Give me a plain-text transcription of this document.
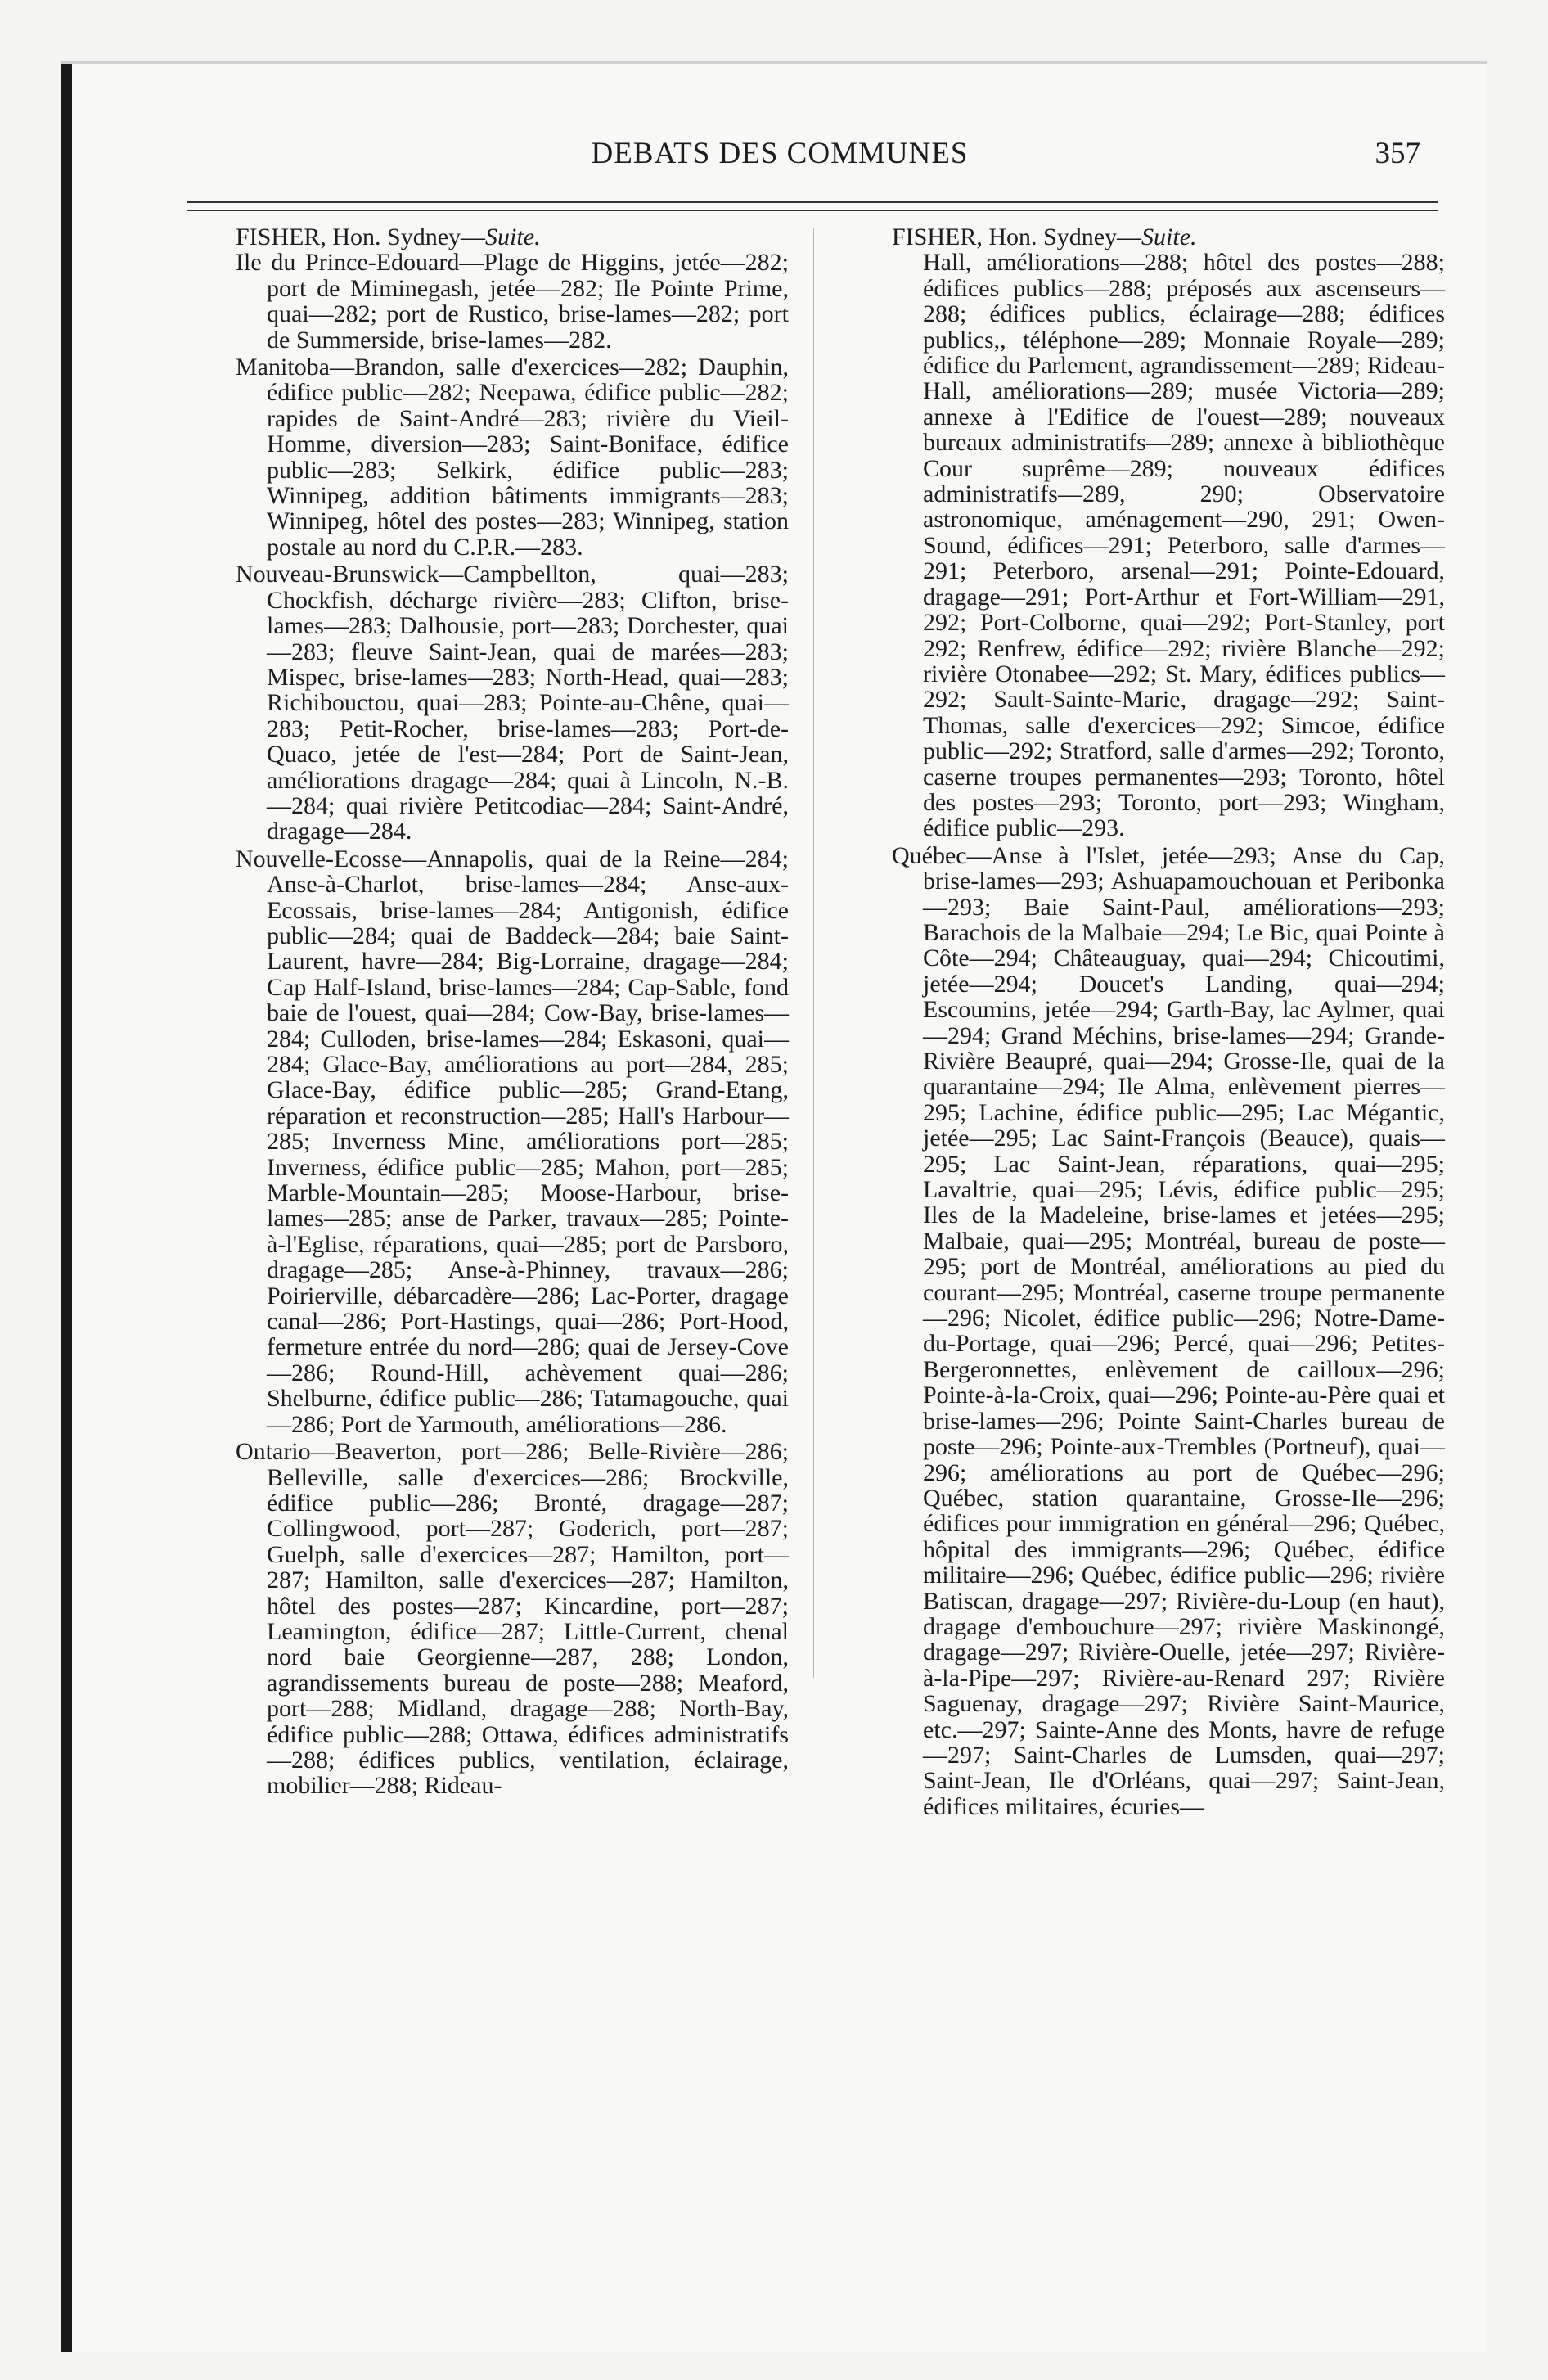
DEBATS DES COMMUNES	357

FISHER, Hon. Sydney—Suite.

Ile du Prince-Edouard—Plage de Higgins, jetée—282; port de Miminegash, jetée—282; Ile Pointe Prime, quai—282; port de Rustico, brise-lames—282; port de Summerside, brise-lames—282.

Manitoba—Brandon, salle d'exercices—282; Dauphin, édifice public—282; Neepawa, édifice public—282; rapides de Saint-André—283; rivière du Vieil-Homme, diversion—283; Saint-Boniface, édifice public—283; Selkirk, édifice public—283; Winnipeg, addition bâtiments immigrants—283; Winnipeg, hôtel des postes—283; Winnipeg, station postale au nord du C.P.R.—283.

Nouveau-Brunswick—Campbellton, quai—283; Chockfish, décharge rivière—283; Clifton, brise-lames—283; Dalhousie, port—283; Dorchester, quai—283; fleuve Saint-Jean, quai de marées—283; Mispec, brise-lames—283; North-Head, quai—283; Richibouctou, quai—283; Pointe-au-Chêne, quai—283; Petit-Rocher, brise-lames—283; Port-de-Quaco, jetée de l'est—284; Port de Saint-Jean, améliorations dragage—284; quai à Lincoln, N.-B.—284; quai rivière Petitcodiac—284; Saint-André, dragage—284.

Nouvelle-Ecosse—Annapolis, quai de la Reine—284; Anse-à-Charlot, brise-lames—284; Anse-aux-Ecossais, brise-lames—284; Antigonish, édifice public—284; quai de Baddeck—284; baie Saint-Laurent, havre—284; Big-Lorraine, dragage—284; Cap Half-Island, brise-lames—284; Cap-Sable, fond baie de l'ouest, quai—284; Cow-Bay, brise-lames—284; Culloden, brise-lames—284; Eskasoni, quai—284; Glace-Bay, améliorations au port—284, 285; Glace-Bay, édifice public—285; Grand-Etang, réparation et reconstruction—285; Hall's Harbour—285; Inverness Mine, améliorations port—285; Inverness, édifice public—285; Mahon, port—285; Marble-Mountain—285; Moose-Harbour, brise-lames—285; anse de Parker, travaux—285; Pointe-à-l'Eglise, réparations, quai—285; port de Parsboro, dragage—285; Anse-à-Phinney, travaux—286; Poirierville, débarcadère—286; Lac-Porter, dragage canal—286; Port-Hastings, quai—286; Port-Hood, fermeture entrée du nord—286; quai de Jersey-Cove—286; Round-Hill, achèvement quai—286; Shelburne, édifice public—286; Tatamagouche, quai—286; Port de Yarmouth, améliorations—286.

Ontario—Beaverton, port—286; Belle-Rivière—286; Belleville, salle d'exercices—286; Brockville, édifice public—286; Bronté, dragage—287; Collingwood, port—287; Goderich, port—287; Guelph, salle d'exercices—287; Hamilton, port—287; Hamilton, salle d'exercices—287; Hamilton, hôtel des postes—287; Kincardine, port—287; Leamington, édifice—287; Little-Current, chenal nord baie Georgienne—287, 288; London, agrandissements bureau de poste—288; Meaford, port—288; Midland, dragage—288; North-Bay, édifice public—288; Ottawa, édifices administratifs—288; édifices publics, ventilation, éclairage, mobilier—288; Rideau-

FISHER, Hon. Sydney—Suite.

Hall, améliorations—288; hôtel des postes—288; édifices publics—288; préposés aux ascenseurs—288; édifices publics, éclairage—288; édifices publics,, téléphone—289; Monnaie Royale—289; édifice du Parlement, agrandissement—289; Rideau-Hall, améliorations—289; musée Victoria—289; annexe à l'Edifice de l'ouest—289; nouveaux bureaux administratifs—289; annexe à bibliothèque Cour suprême—289; nouveaux édifices administratifs—289, 290; Observatoire astronomique, aménagement—290, 291; Owen-Sound, édifices—291; Peterboro, salle d'armes—291; Peterboro, arsenal—291; Pointe-Edouard, dragage—291; Port-Arthur et Fort-William—291, 292; Port-Colborne, quai—292; Port-Stanley, port 292; Renfrew, édifice—292; rivière Blanche—292; rivière Otonabee—292; St. Mary, édifices publics—292; Sault-Sainte-Marie, dragage—292; Saint-Thomas, salle d'exercices—292; Simcoe, édifice public—292; Stratford, salle d'armes—292; Toronto, caserne troupes permanentes—293; Toronto, hôtel des postes—293; Toronto, port—293; Wingham, édifice public—293.

Québec—Anse à l'Islet, jetée—293; Anse du Cap, brise-lames—293; Ashuapamouchouan et Peribonka—293; Baie Saint-Paul, améliorations—293; Barachois de la Malbaie—294; Le Bic, quai Pointe à Côte—294; Châteauguay, quai—294; Chicoutimi, jetée—294; Doucet's Landing, quai—294; Escoumins, jetée—294; Garth-Bay, lac Aylmer, quai—294; Grand Méchins, brise-lames—294; Grande-Rivière Beaupré, quai—294; Grosse-Ile, quai de la quarantaine—294; Ile Alma, enlèvement pierres—295; Lachine, édifice public—295; Lac Mégantic, jetée—295; Lac Saint-François (Beauce), quais—295; Lac Saint-Jean, réparations, quai—295; Lavaltrie, quai—295; Lévis, édifice public—295; Iles de la Madeleine, brise-lames et jetées—295; Malbaie, quai—295; Montréal, bureau de poste—295; port de Montréal, améliorations au pied du courant—295; Montréal, caserne troupe permanente—296; Nicolet, édifice public—296; Notre-Dame-du-Portage, quai—296; Percé, quai—296; Petites-Bergeronnettes, enlèvement de cailloux—296; Pointe-à-la-Croix, quai—296; Pointe-au-Père quai et brise-lames—296; Pointe Saint-Charles bureau de poste—296; Pointe-aux-Trembles (Portneuf), quai—296; améliorations au port de Québec—296; Québec, station quarantaine, Grosse-Ile—296; édifices pour immigration en général—296; Québec, hôpital des immigrants—296; Québec, édifice militaire—296; Québec, édifice public—296; rivière Batiscan, dragage—297; Rivière-du-Loup (en haut), dragage d'embouchure—297; rivière Maskinongé, dragage—297; Rivière-Ouelle, jetée—297; Rivière-à-la-Pipe—297; Rivière-au-Renard 297; Rivière Saguenay, dragage—297; Rivière Saint-Maurice, etc.—297; Sainte-Anne des Monts, havre de refuge—297; Saint-Charles de Lumsden, quai—297; Saint-Jean, Ile d'Orléans, quai—297; Saint-Jean, édifices militaires, écuries—
